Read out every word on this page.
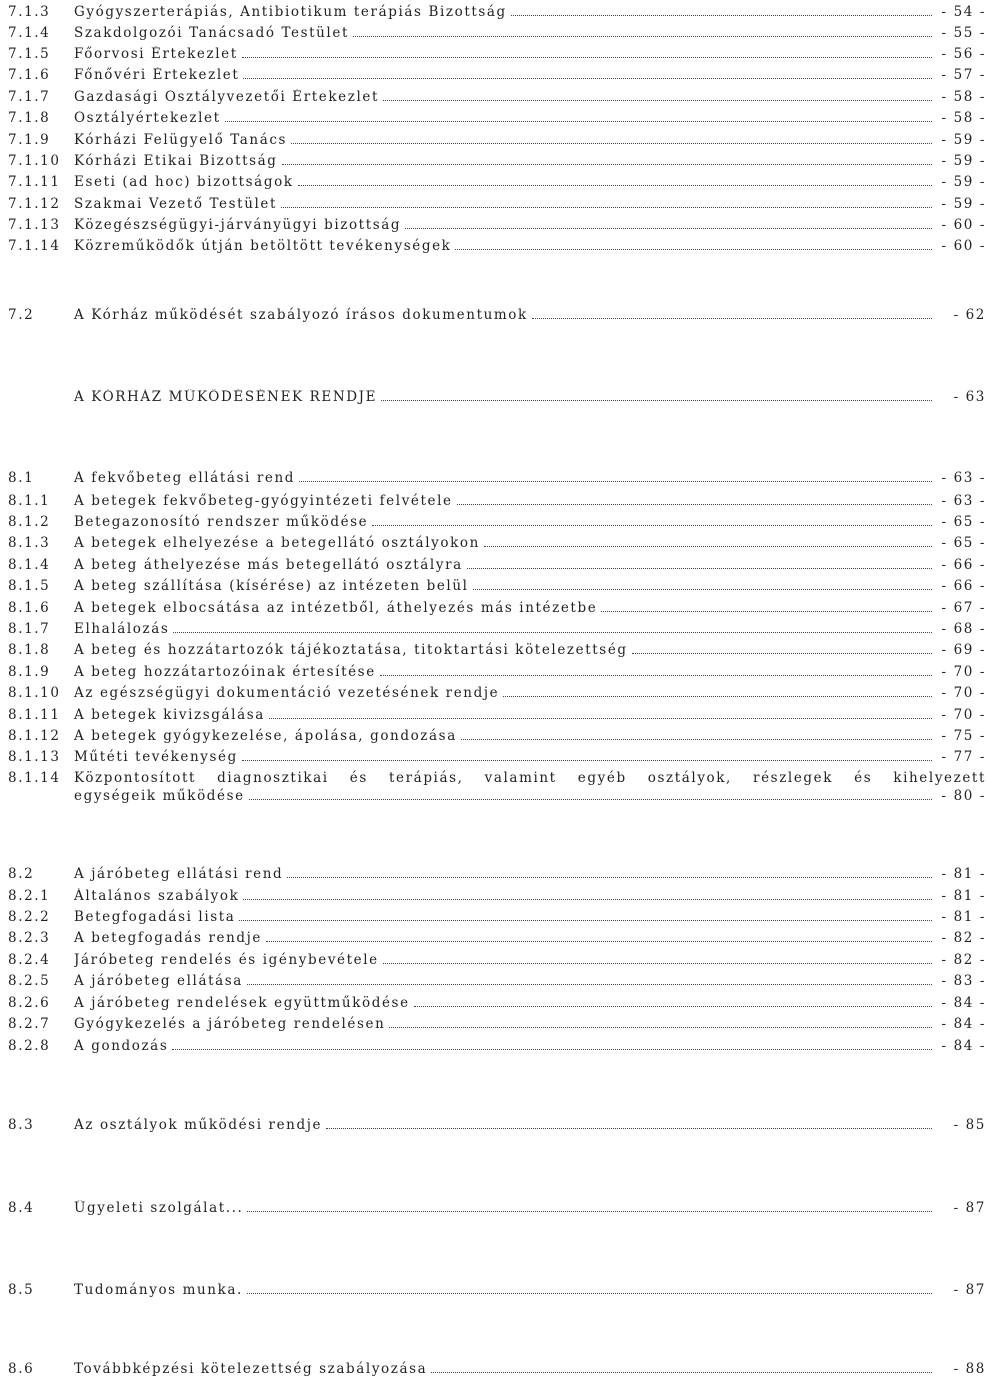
7.1.3	Gyógyszerterápiás, Antibiotikum terápiás Bizottság	- 54 -
7.1.4	Szakdolgozói Tanácsadó Testület	- 55 -
7.1.5	Főorvosi Értekezlet	- 56 -
7.1.6	Főnővéri Értekezlet	- 57 -
7.1.7	Gazdasági Osztályvezetői Értekezlet	- 58 -
7.1.8	Osztályértekezlet	- 58 -
7.1.9	Kórházi Felügyelő Tanács	- 59 -
7.1.10 Kórházi Etikai Bizottság	- 59 -
7.1.11 Eseti (ad hoc) bizottságok	- 59 -
7.1.12 Szakmai Vezető Testület	- 59 -
7.1.13 Közegészségügyi-járványügyi bizottság	- 60 -
7.1.14 Közreműködők útján betöltött tevékenységek	- 60 -
7.2	A Kórház működését szabályozó írásos dokumentumok	- 62
A KÓRHÁZ MŰKÖDÉSÉNEK RENDJE	- 63
8.1	A fekvőbeteg ellátási rend	- 63 -
8.1.1	A betegek fekvőbeteg-gyógyintézeti felvétele	- 63 -
8.1.2	Betegazonosító rendszer működése	- 65 -
8.1.3	A betegek elhelyezése a betegellátó osztályokon	- 65 -
8.1.4	A beteg áthelyezése más betegellátó osztályra	- 66 -
8.1.5	A beteg szállítása (kísérése) az intézeten belül	- 66 -
8.1.6	A betegek elbocsátása az intézetből, áthelyezés más intézetbe	- 67 -
8.1.7	Elhalálozás	- 68 -
8.1.8	A beteg és hozzátartozók tájékoztatása, titoktartási kötelezettség	- 69 -
8.1.9	A beteg hozzátartozóinak értesítése	- 70 -
8.1.10 Az egészségügyi dokumentáció vezetésének rendje	- 70 -
8.1.11 A betegek kivizsgálása	- 70 -
8.1.12 A betegek gyógykezelése, ápolása, gondozása	- 75 -
8.1.13 Műtéti tevékenység	- 77 -
8.1.14 Központosított diagnosztikai és terápiás, valamint egyéb osztályok, részlegek és kihelyezett
egységeik működése	- 80 -
8.2	A járóbeteg ellátási rend	- 81 -
8.2.1	Általános szabályok	- 81 -
8.2.2	Betegfogadási lista	- 81 -
8.2.3	A betegfogadás rendje	- 82 -
8.2.4	Járóbeteg rendelés és igénybevétele	- 82 -
8.2.5	A járóbeteg ellátása	- 83 -
8.2.6	A járóbeteg rendelések együttműködése	- 84 -
8.2.7	Gyógykezelés a járóbeteg rendelésen	- 84 -
8.2.8	A gondozás	- 84 -
8.3	Az osztályok működési rendje	- 85
8.4	Ügyeleti szolgálat...	- 87
8.5	Tudományos munka.	- 87
8.6	Továbbképzési kötelezettség szabályozása	- 88
